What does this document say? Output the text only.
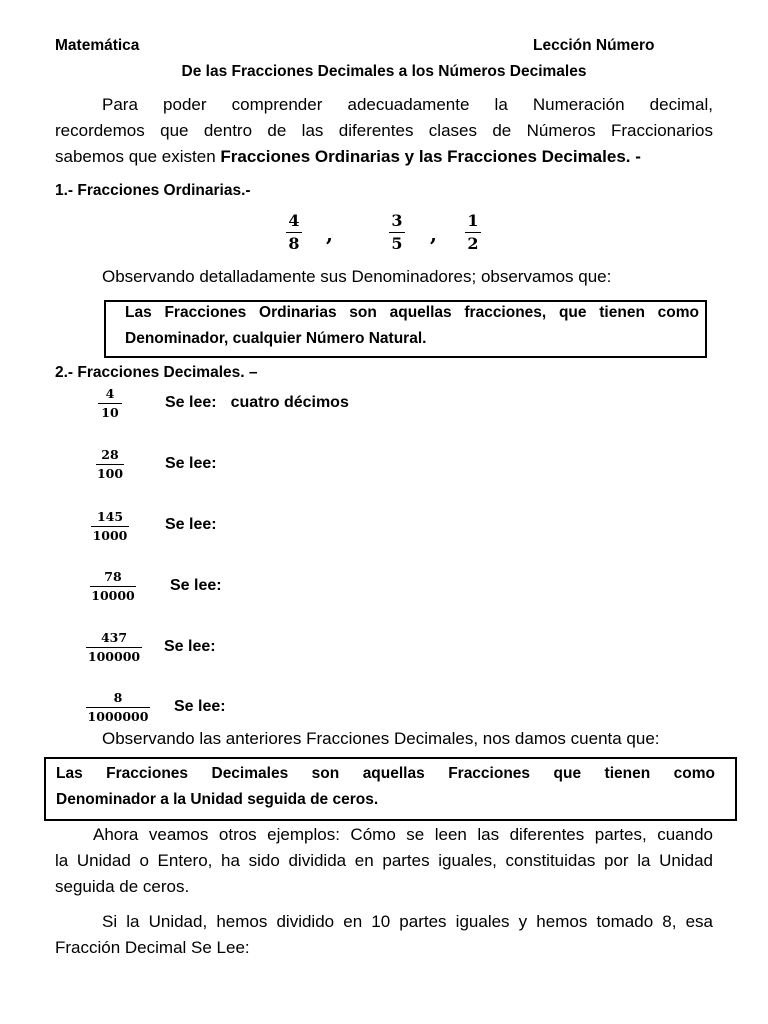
Matemática	Lección Número
De las Fracciones Decimales a los Números Decimales
Para poder comprender adecuadamente la Numeración decimal,
recordemos que dentro de las diferentes clases de Números Fraccionarios
sabemos que existen Fracciones Ordinarias y las Fracciones Decimales. -
1.- Fracciones Ordinarias.-
4
8 ,
3
5 ,
1
2
Observando detalladamente sus Denominadores; observamos que:
Las Fracciones Ordinarias son aquellas fracciones, que tienen como
Denominador, cualquier Número Natural.
2.- Fracciones Decimales. –
4
10
Se lee: cuatro décimos
28
100
Se lee:
145
1000
Se lee:
78
10000
Se lee:
437
100000
Se lee:
8
1000000
Se lee:
Observando las anteriores Fracciones Decimales, nos damos cuenta que:
Las Fracciones Decimales son aquellas Fracciones que tienen como
Denominador a la Unidad seguida de ceros.
Ahora veamos otros ejemplos: Cómo se leen las diferentes partes, cuando
la Unidad o Entero, ha sido dividida en partes iguales, constituidas por la Unidad
seguida de ceros.
Si la Unidad, hemos dividido en 10 partes iguales y hemos tomado 8, esa
Fracción Decimal Se Lee:
